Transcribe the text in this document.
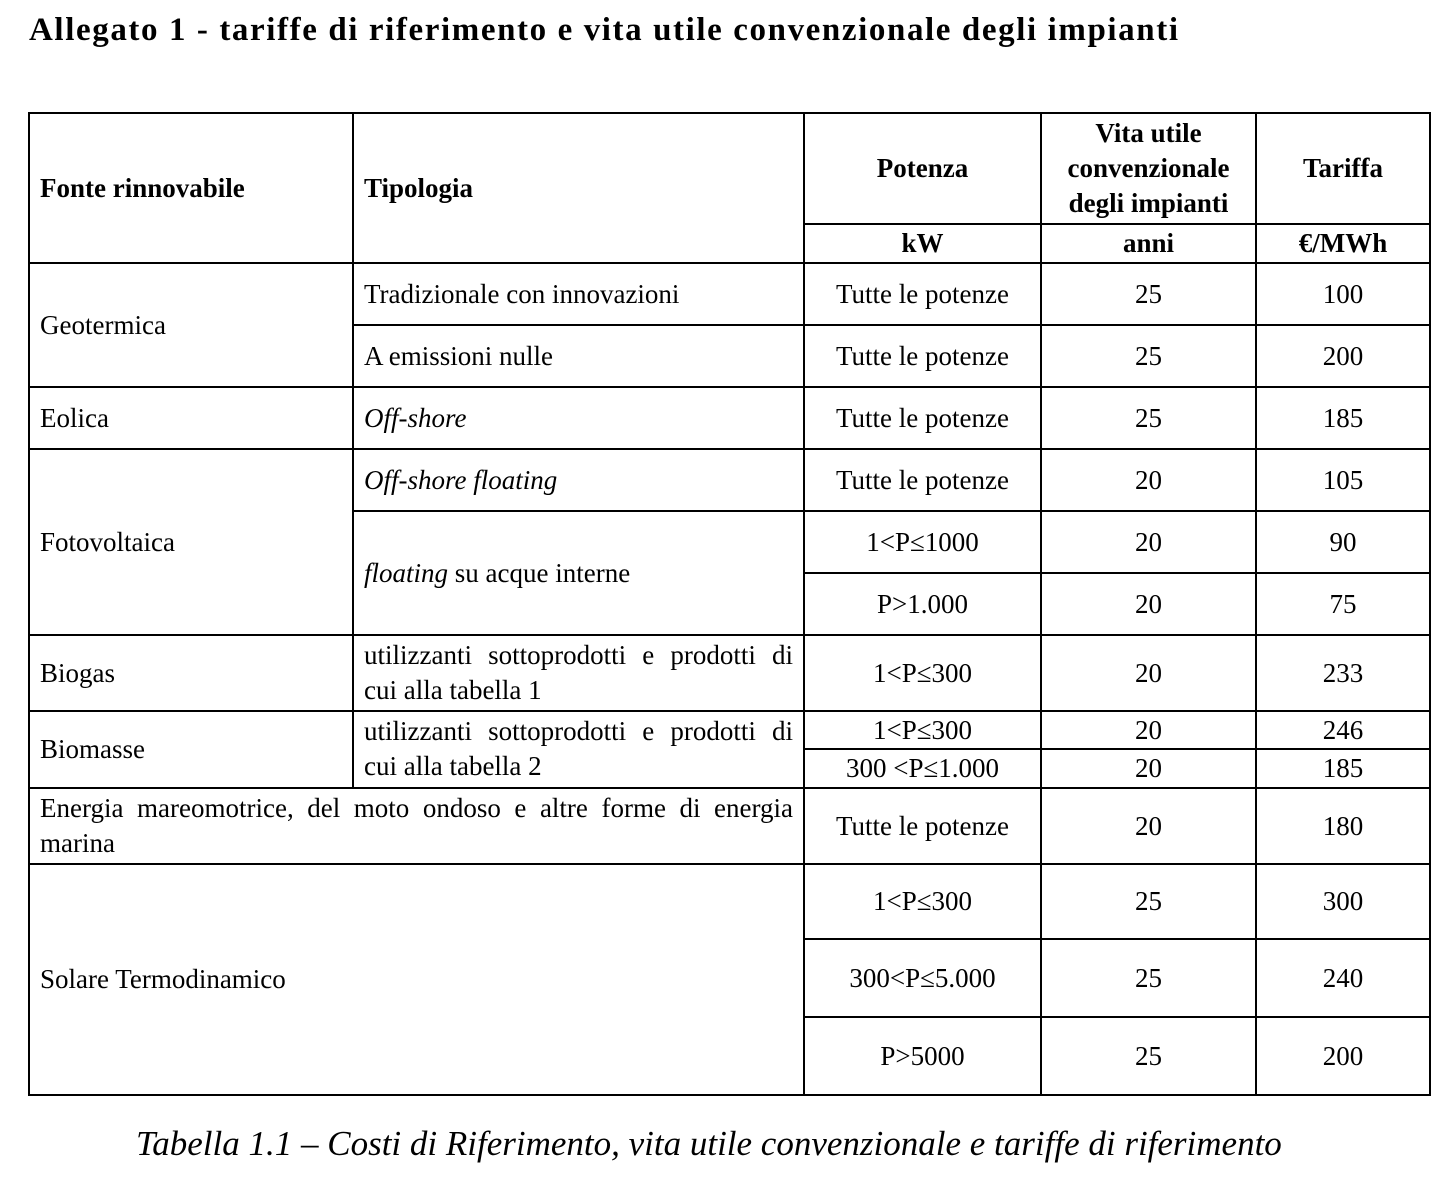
Allegato 1 - tariffe di riferimento e vita utile convenzionale degli impianti
Fonte rinnovabile	Tipologia	Potenza	Vita utile convenzionale degli impianti	Tariffa
		kW	anni	€/MWh
Geotermica	Tradizionale con innovazioni	Tutte le potenze	25	100
	A emissioni nulle	Tutte le potenze	25	200
Eolica	Off-shore	Tutte le potenze	25	185
Fotovoltaica	Off-shore floating	Tutte le potenze	20	105
	floating su acque interne	1<P≤1000	20	90
		P>1.000	20	75
Biogas	utilizzanti sottoprodotti e prodotti di cui alla tabella 1	1<P≤300	20	233
Biomasse	utilizzanti sottoprodotti e prodotti di cui alla tabella 2	1<P≤300	20	246
		300 <P≤1.000	20	185
Energia mareomotrice, del moto ondoso e altre forme di energia marina		Tutte le potenze	20	180
Solare Termodinamico		1<P≤300	25	300
		300<P≤5.000	25	240
		P>5000	25	200
Tabella 1.1 – Costi di Riferimento, vita utile convenzionale e tariffe di riferimento
